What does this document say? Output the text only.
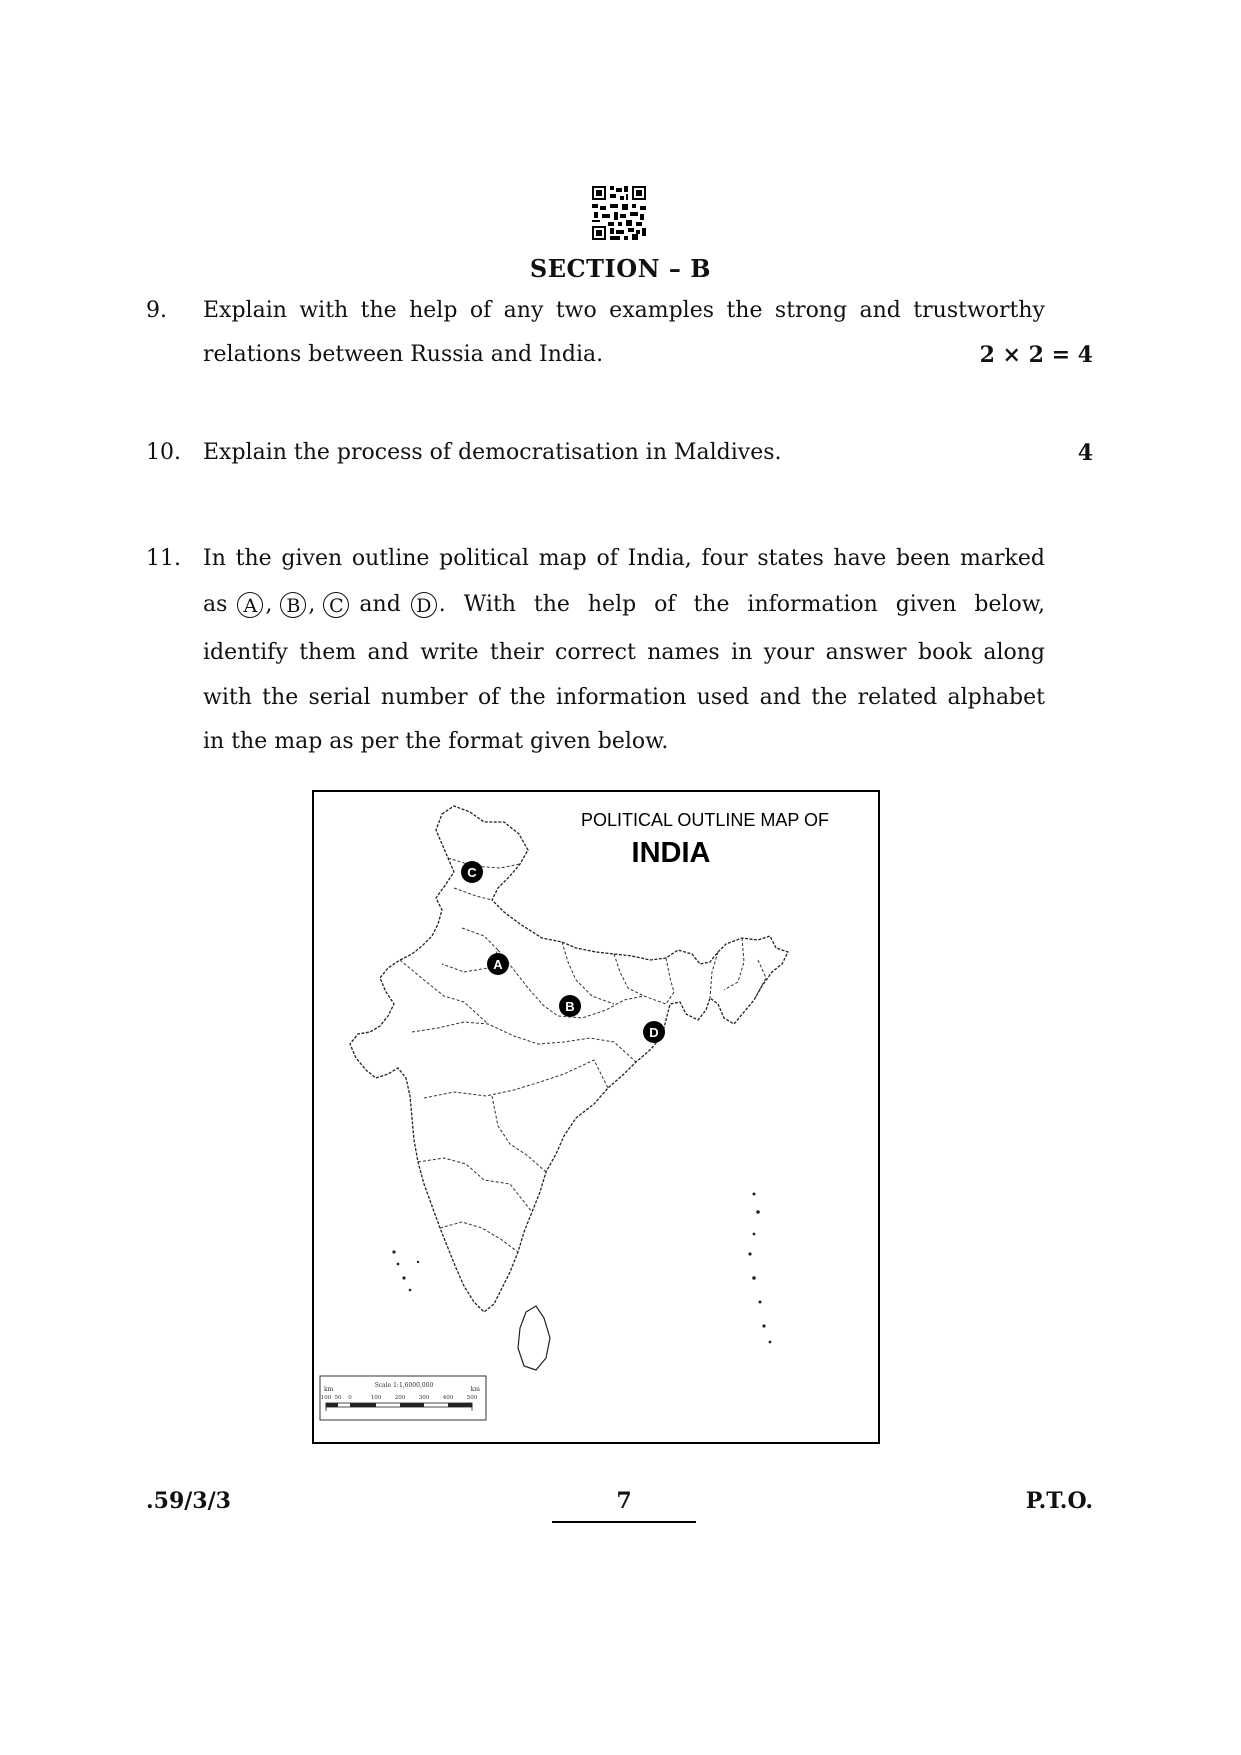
SECTION – B
9. Explain with the help of any two examples the strong and trustworthy
relations between Russia and India.	2 × 2 = 4
10. Explain the process of democratisation in Maldives.	4
11. In the given outline political map of India, four states have been marked
as A , B , C and D . With the help of the information given below,
identify them and write their correct names in your answer book along
with the serial number of the information used and the related alphabet
in the map as per the format given below.
POLITICAL OUTLINE MAP OF
INDIA
C
A
B
D
Scale 1:1,6000,000
km	km
100 50 0	100 200 300 400 500
.59/3/3	7	P.T.O.
